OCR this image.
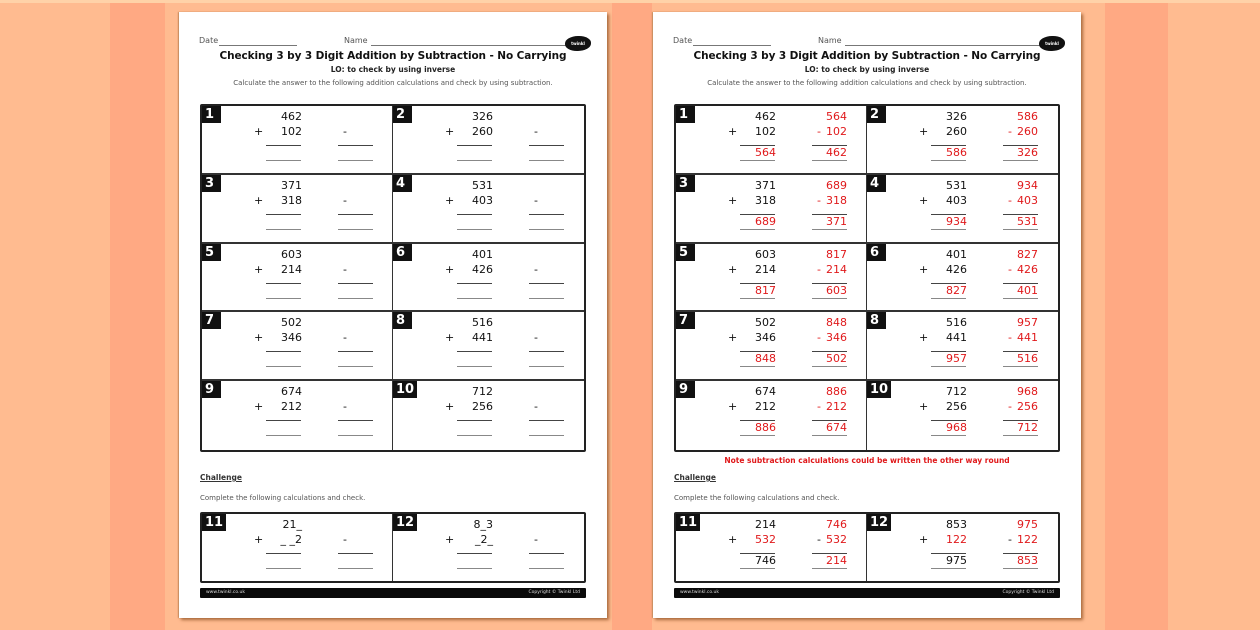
Date	Name	twinkl
Checking 3 by 3 Digit Addition by Subtraction - No Carrying
LO: to check by using inverse
Calculate the answer to the following addition calculations and check by using subtraction.
1	462
+	102	-
2	326
+	260	-
3	371
+	318	-
4	531
+	403	-
5	603
+	214	-
6	401
+	426	-
7	502
+	346	-
8	516
+	441	-
9	674
+	212	-
10	712
+	256	-
Challenge
Complete the following calculations and check.
11	21_
+	_ _2	-
12	8_3
+	_2_	-
www.twinkl.co.uk	Copyright © Twinkl Ltd
Date	Name	twinkl
Checking 3 by 3 Digit Addition by Subtraction - No Carrying
LO: to check by using inverse
Calculate the answer to the following addition calculations and check by using subtraction.
1	462
+	102
564
- 102
564	462
2	326
+	260
586
- 260
586	326
3	371
+	318
689
- 318
689	371
4	531
+	403
934
- 403
934	531
5	603
+	214
817
- 214
817	603
6	401
+	426
827
- 426
827	401
7	502
+	346
848
- 346
848	502
8	516
+	441
957
- 441
957	516
9	674
+	212
886
- 212
886	674
10	712
+	256
968
- 256
968	712
Note subtraction calculations could be written the other way round
Challenge
Complete the following calculations and check.
11	214
+	532
746
- 532
746	214
12	853
+	122
975
- 122
975	853
www.twinkl.co.uk	Copyright © Twinkl Ltd
